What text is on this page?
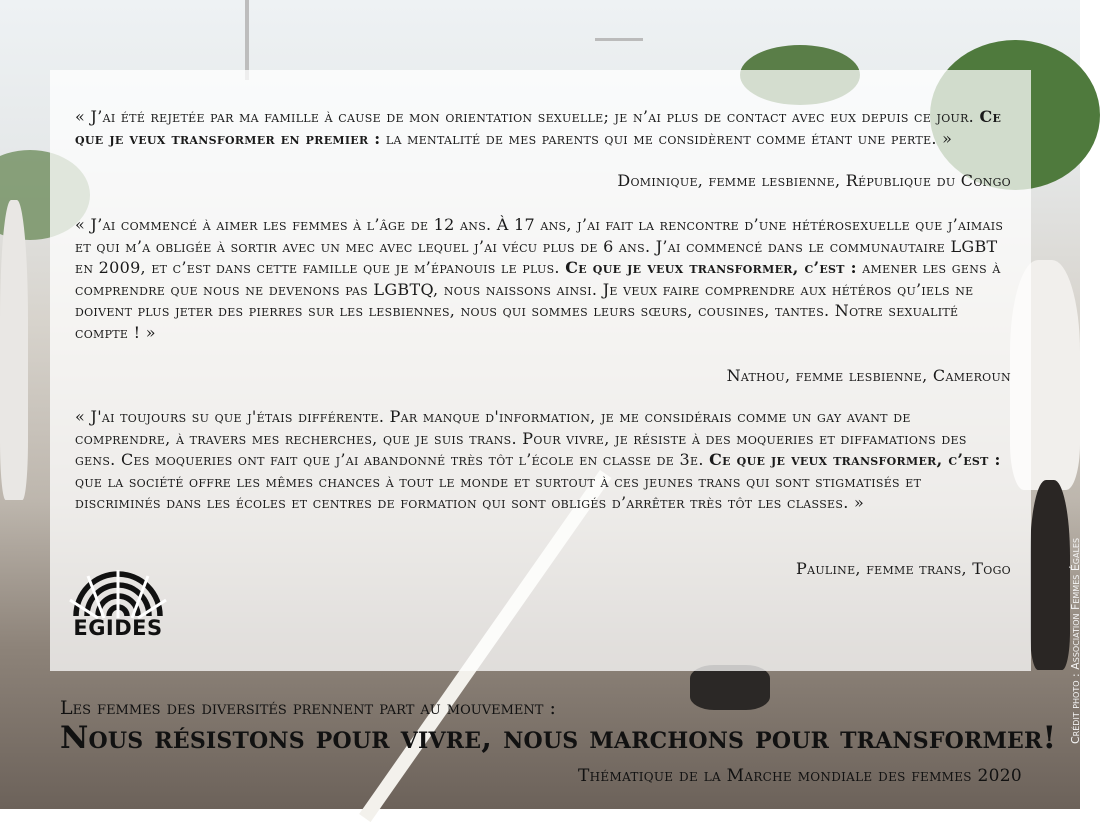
« J’ai été rejetée par ma famille à cause de mon orientation sexuelle; je n’ai plus de contact avec eux depuis ce jour. Ce que je veux transformer en premier : la mentalité de mes parents qui me considèrent comme étant une perte. »

Dominique, femme lesbienne, République du Congo

« J’ai commencé à aimer les femmes à l’âge de 12 ans. À 17 ans, j’ai fait la rencontre d’une hétérosexuelle que j’aimais et qui m’a obligée à sortir avec un mec avec lequel j’ai vécu plus de 6 ans. J’ai commencé dans le communautaire LGBT en 2009, et c’est dans cette famille que je m’épanouis le plus. Ce que je veux transformer, c’est : amener les gens à comprendre que nous ne devenons pas LGBTQ, nous naissons ainsi. Je veux faire comprendre aux hétéros qu’iels ne doivent plus jeter des pierres sur les lesbiennes, nous qui sommes leurs sœurs, cousines, tantes. Notre sexualité compte ! »

Nathou, femme lesbienne, Cameroun

« J'ai toujours su que j'étais différente. Par manque d'information, je me considérais comme un gay avant de comprendre, à travers mes recherches, que je suis trans. Pour vivre, je résiste à des moqueries et diffamations des gens. Ces moqueries ont fait que j’ai abandonné très tôt l’école en classe de 3e. Ce que je veux transformer, c’est : que la société offre les mêmes chances à tout le monde et surtout à ces jeunes trans qui sont stigmatisés et discriminés dans les écoles et centres de formation qui sont obligés d’arrêter très tôt les classes. »

Pauline, femme trans, Togo

EGIDES

Les femmes des diversités prennent part au mouvement :

Nous résistons pour vivre, nous marchons pour transformer!

Thématique de la Marche mondiale des femmes 2020

Crédit photo : Association Femmes Égales
